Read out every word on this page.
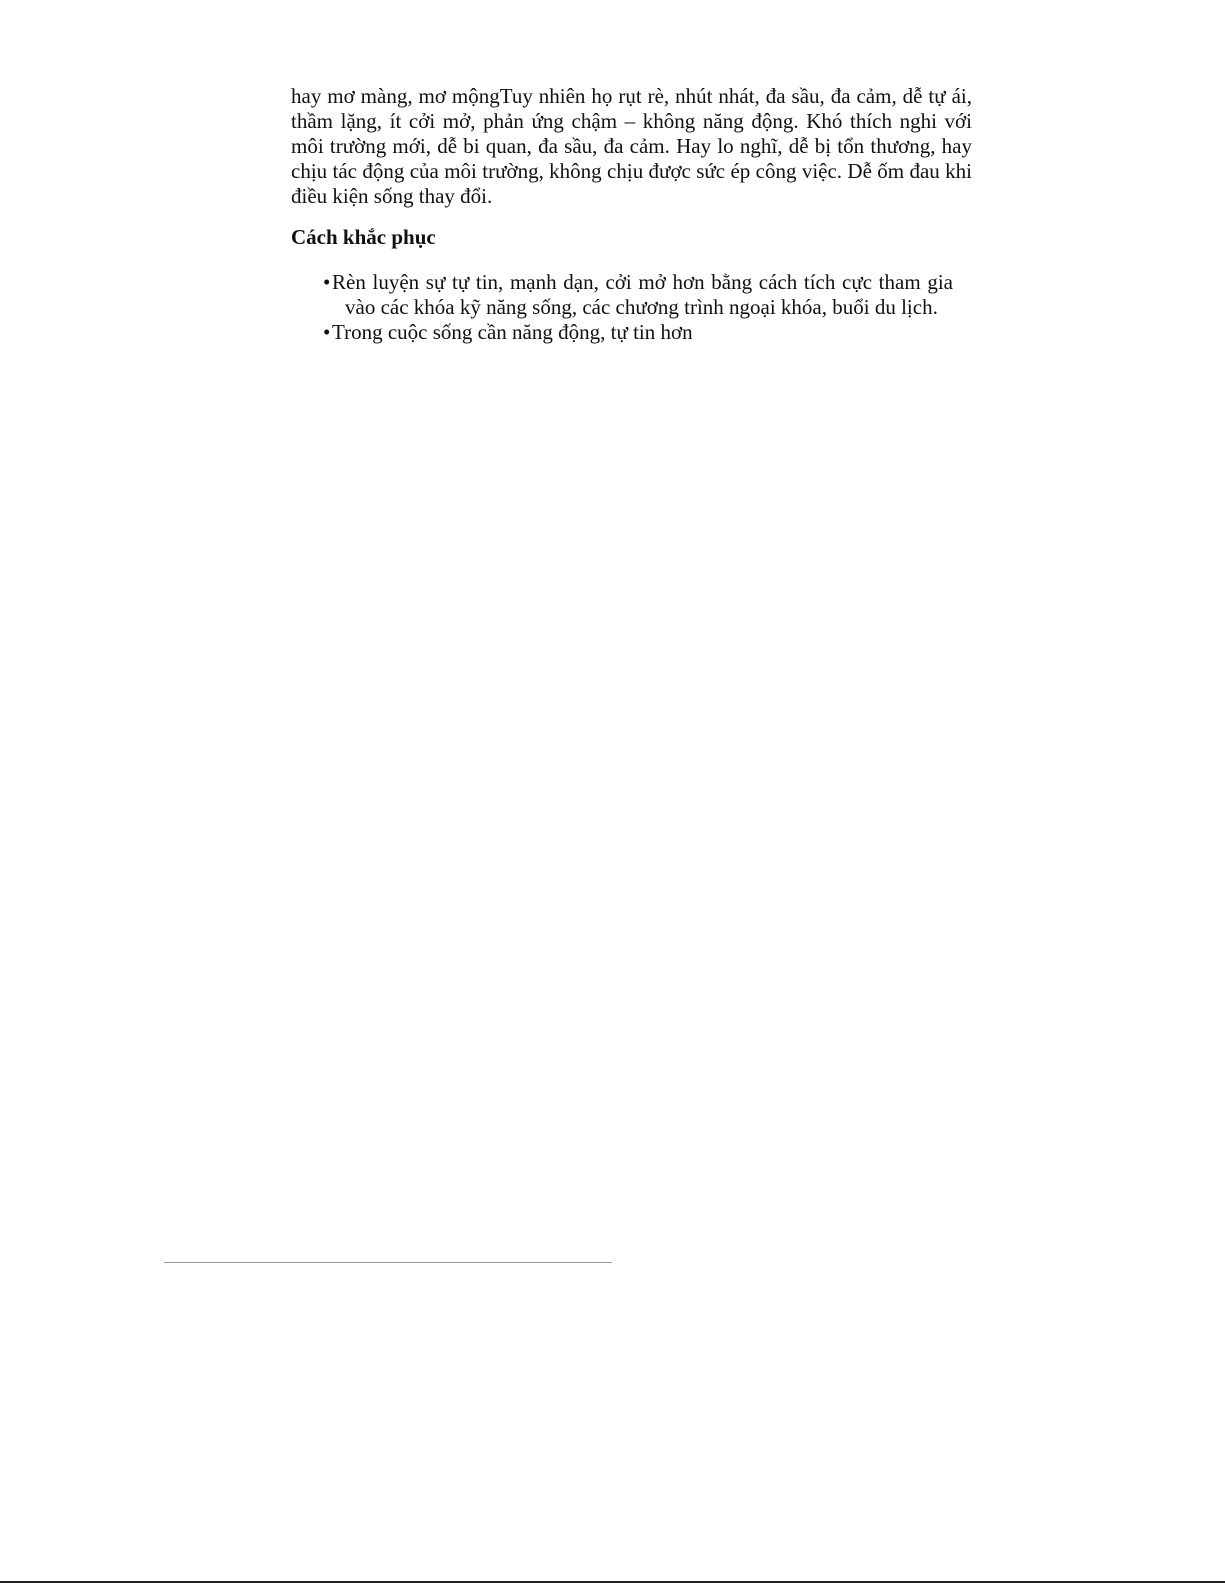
hay mơ màng, mơ mộngTuy nhiên họ rụt rè, nhút nhát, đa sầu, đa cảm, dễ tự ái, thầm lặng, ít cởi mở, phản ứng chậm – không năng động. Khó thích nghi với môi trường mới, dễ bi quan, đa sầu, đa cảm. Hay lo nghĩ, dễ bị tổn thương, hay chịu tác động của môi trường, không chịu được sức ép công việc. Dễ ốm đau khi điều kiện sống thay đổi.

Cách khắc phục
•Rèn luyện sự tự tin, mạnh dạn, cởi mở hơn bằng cách tích cực tham gia vào các khóa kỹ năng sống, các chương trình ngoại khóa, buổi du lịch.
•Trong cuộc sống cần năng động, tự tin hơn
